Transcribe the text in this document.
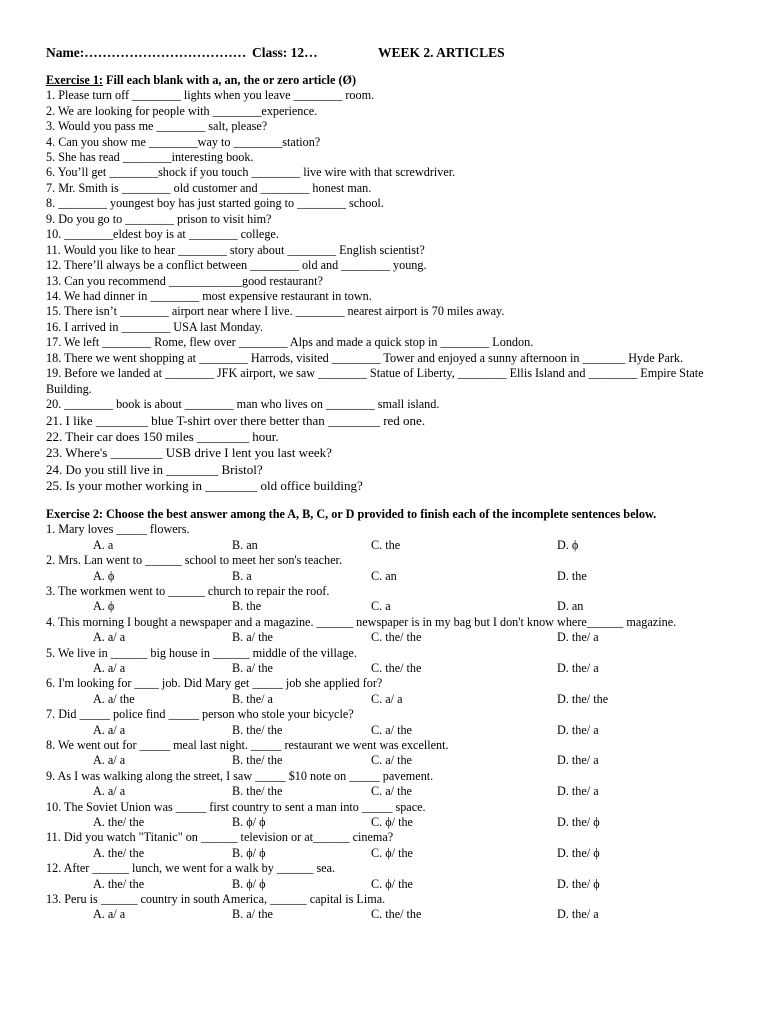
Name:……………………………… Class: 12…	WEEK 2. ARTICLES
Exercise 1: Fill each blank with a, an, the or zero article (Ø)
1. Please turn off ________ lights when you leave ________ room.
2. We are looking for people with ________experience.
3. Would you pass me ________ salt, please?
4. Can you show me ________way to ________station?
5. She has read ________interesting book.
6. You’ll get ________shock if you touch ________ live wire with that screwdriver.
7. Mr. Smith is ________ old customer and ________ honest man.
8. ________ youngest boy has just started going to ________ school.
9. Do you go to ________ prison to visit him?
10. ________eldest boy is at ________ college.
11. Would you like to hear ________ story about ________ English scientist?
12. There’ll always be a conflict between ________ old and ________ young.
13. Can you recommend ____________good restaurant?
14. We had dinner in ________ most expensive restaurant in town.
15. There isn’t ________ airport near where I live. ________ nearest airport is 70 miles away.
16. I arrived in ________ USA last Monday.
17. We left ________ Rome, flew over ________ Alps and made a quick stop in ________ London.
18. There we went shopping at ________ Harrods, visited ________ Tower and enjoyed a sunny afternoon in _______ Hyde Park.
19. Before we landed at ________ JFK airport, we saw ________ Statue of Liberty, ________ Ellis Island and ________ Empire State Building.
20. ________ book is about ________ man who lives on ________ small island.
21. I like ________ blue T-shirt over there better than ________ red one.
22. Their car does 150 miles ________ hour.
23. Where's ________ USB drive I lent you last week?
24. Do you still live in ________ Bristol?
25. Is your mother working in ________ old office building?
Exercise 2: Choose the best answer among the A, B, C, or D provided to finish each of the incomplete sentences below.
1. Mary loves _____ flowers.
A. a	B. an	C. the	D. ϕ
2. Mrs. Lan went to ______ school to meet her son's teacher.
A. ϕ	B. a	C. an	D. the
3. The workmen went to ______ church to repair the roof.
A. ϕ	B. the	C. a	D. an
4. This morning I bought a newspaper and a magazine. ______ newspaper is in my bag but I don't know where______ magazine.
A. a/ a	B. a/ the	C. the/ the	D. the/ a
5. We live in ______ big house in ______ middle of the village.
A. a/ a	B. a/ the	C. the/ the	D. the/ a
6. I'm looking for ____ job. Did Mary get _____ job she applied for?
A. a/ the	B. the/ a	C. a/ a	D. the/ the
7. Did _____ police find _____ person who stole your bicycle?
A. a/ a	B. the/ the	C. a/ the	D. the/ a
8. We went out for _____ meal last night. _____ restaurant we went was excellent.
A. a/ a	B. the/ the	C. a/ the	D. the/ a
9. As I was walking along the street, I saw _____ $10 note on _____ pavement.
A. a/ a	B. the/ the	C. a/ the	D. the/ a
10. The Soviet Union was _____ first country to sent a man into _____ space.
A. the/ the	B. ϕ/ ϕ	C. ϕ/ the	D. the/ ϕ
11. Did you watch "Titanic" on ______ television or at______ cinema?
A. the/ the	B. ϕ/ ϕ	C. ϕ/ the	D. the/ ϕ
12. After ______ lunch, we went for a walk by ______ sea.
A. the/ the	B. ϕ/ ϕ	C. ϕ/ the	D. the/ ϕ
13. Peru is ______ country in south America, ______ capital is Lima.
A. a/ a	B. a/ the	C. the/ the	D. the/ a
